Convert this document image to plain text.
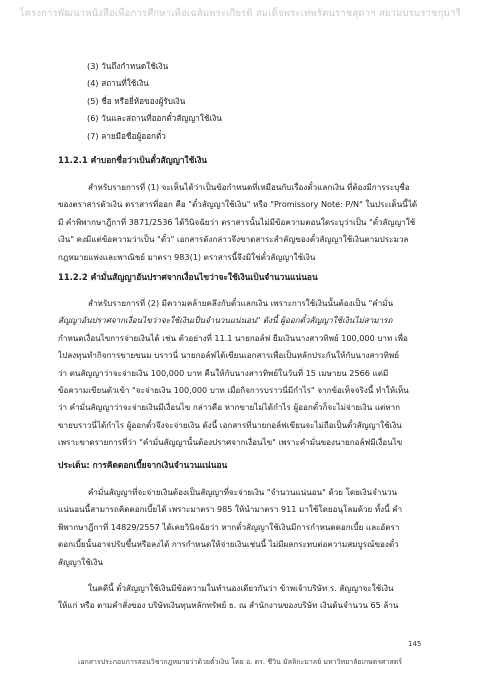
โครงการพัฒนาหนังสือเพื่อการศึกษาเพื่อเฉลิมพระเกียรติ สมเด็จพระเทพรัตนราชสุดาฯ สยามบรมราชกุมารี
(3) วันถึงกำหนดใช้เงิน
(4) สถานที่ใช้เงิน
(5) ชื่อ หรือยี่ห้อของผู้รับเงิน
(6) วันและสถานที่ออกตั๋วสัญญาใช้เงิน
(7) ลายมือชื่อผู้ออกตั๋ว
11.2.1 คำบอกชื่อว่าเป็นตั๋วสัญญาใช้เงิน
สำหรับรายการที่ (1) จะเห็นได้ว่าเป็นข้อกำหนดที่เหมือนกับเรื่องตั๋วแลกเงิน ที่ต้องมีการระบุชื่อ
ของตราสารตัวเงิน ตราสารที่ออก คือ "ตั๋วสัญญาใช้เงิน" หรือ "Promissory Note: P/N" ในประเด็นนี้ได้
มี คำพิพากษาฎีกาที่ 3871/2536 ได้วินิจฉัยว่า ตราสารนั้นไม่มีข้อความตอนใดระบุว่าเป็น "ตั๋วสัญญาใช้
เงิน" คงมีแต่ข้อความว่าเป็น "ตั๋ว" เอกสารดังกล่าวจึงขาดสาระสำคัญของตั๋วสัญญาใช้เงินตามประมวล
กฎหมายแพ่งและพาณิชย์ มาตรา 983(1) ตราสารนี้จึงมิใช่ตั๋วสัญญาใช้เงิน
11.2.2 คำมั่นสัญญาอันปราศจากเงื่อนไขว่าจะใช้เงินเป็นจำนวนแน่นอน
สำหรับรายการที่ (2) มีความคล้ายคลึงกับตั๋วแลกเงิน เพราะการใช้เงินนั้นต้องเป็น "คำมั่น
สัญญาอันปราศจากเงื่อนไขว่าจะใช้เงินเป็นจำนวนแน่นอน" ดังนี้ ผู้ออกตั๋วสัญญาใช้เงินไม่สามารถ
กำหนดเงื่อนไขการจ่ายเงินได้ เช่น ตัวอย่างที่ 11.1 นายกอล์ฟ ยืมเงินนางสาวทิพย์ 100,000 บาท เพื่อ
ไปลงทุนทำกิจการขายขนม บราวนี่ นายกอล์ฟได้เขียนเอกสารเพื่อเป็นหลักประกันให้กับนางสาวทิพย์
ว่า ตนสัญญาว่าจะจ่ายเงิน 100,000 บาท คืนให้กับนางสาวทิพย์ในวันที่ 15 เมษายน 2566 แต่มี
ข้อความเขียนตัวเข้า "จะจ่ายเงิน 100,000 บาท เมื่อกิจการบราวนี่มีกำไร" จากข้อเท็จจริงนี้ ทำให้เห็น
ว่า คำมั่นสัญญาว่าจะจ่ายเงินมีเงื่อนไข กล่าวคือ หากขายไม่ได้กำไร ผู้ออกตั๋วก็จะไม่จ่ายเงิน แต่หาก
ขายบราวนี่ได้กำไร ผู้ออกตั๋วจึงจะจ่ายเงิน ดังนี้ เอกสารที่นายกอล์ฟเขียนจะไม่ถือเป็นตั๋วสัญญาใช้เงิน
เพราะขาดรายการที่ว่า "คำมั่นสัญญานั้นต้องปราศจากเงื่อนไข" เพราะคำมั่นของนายกอล์ฟมีเงื่อนไข
ประเด็น: การคิดดอกเบี้ยจากเงินจำนวนแน่นอน
คำมั่นสัญญาที่จะจ่ายเงินต้องเป็นสัญญาที่จะจ่ายเงิน "จำนวนแน่นอน" ด้วย โดยเงินจำนวน
แน่นอนนี้สามารถคิดดอกเบี้ยได้ เพราะมาตรา 985 ให้นำมาตรา 911 มาใช้โดยอนุโลมด้วย ทั้งนี้ คำ
พิพากษาฎีกาที่ 14829/2557 ได้เคยวินิจฉัยว่า หากตั๋วสัญญาใช้เงินมีการกำหนดดอกเบี้ย และอัตรา
ดอกเบี้ยนั้นอาจปรับขึ้นหรือลงได้ การกำหนดให้จ่ายเงินเช่นนี้ ไม่มีผลกระทบต่อความสมบูรณ์ของตั๋ว
สัญญาใช้เงิน
ในคดีนี้ ตั๋วสัญญาใช้เงินมีข้อความในทำนองเดียวกันว่า ข้าพเจ้าบริษัท ร. สัญญาจะใช้เงิน
ให้แก่ หรือ ตามคำสั่งของ บริษัทเงินทุนหลักทรัพย์ ธ. ณ สำนักงานของบริษัท เงินต้นจำนวน 65 ล้าน
145
เอกสารประกอบการสอนวิชากฎหมายว่าด้วยตั๋วเงิน โดย อ. ดร. ชีวิน มัลลิกะมาลย์ มหาวิทยาลัยเกษตรศาสตร์
